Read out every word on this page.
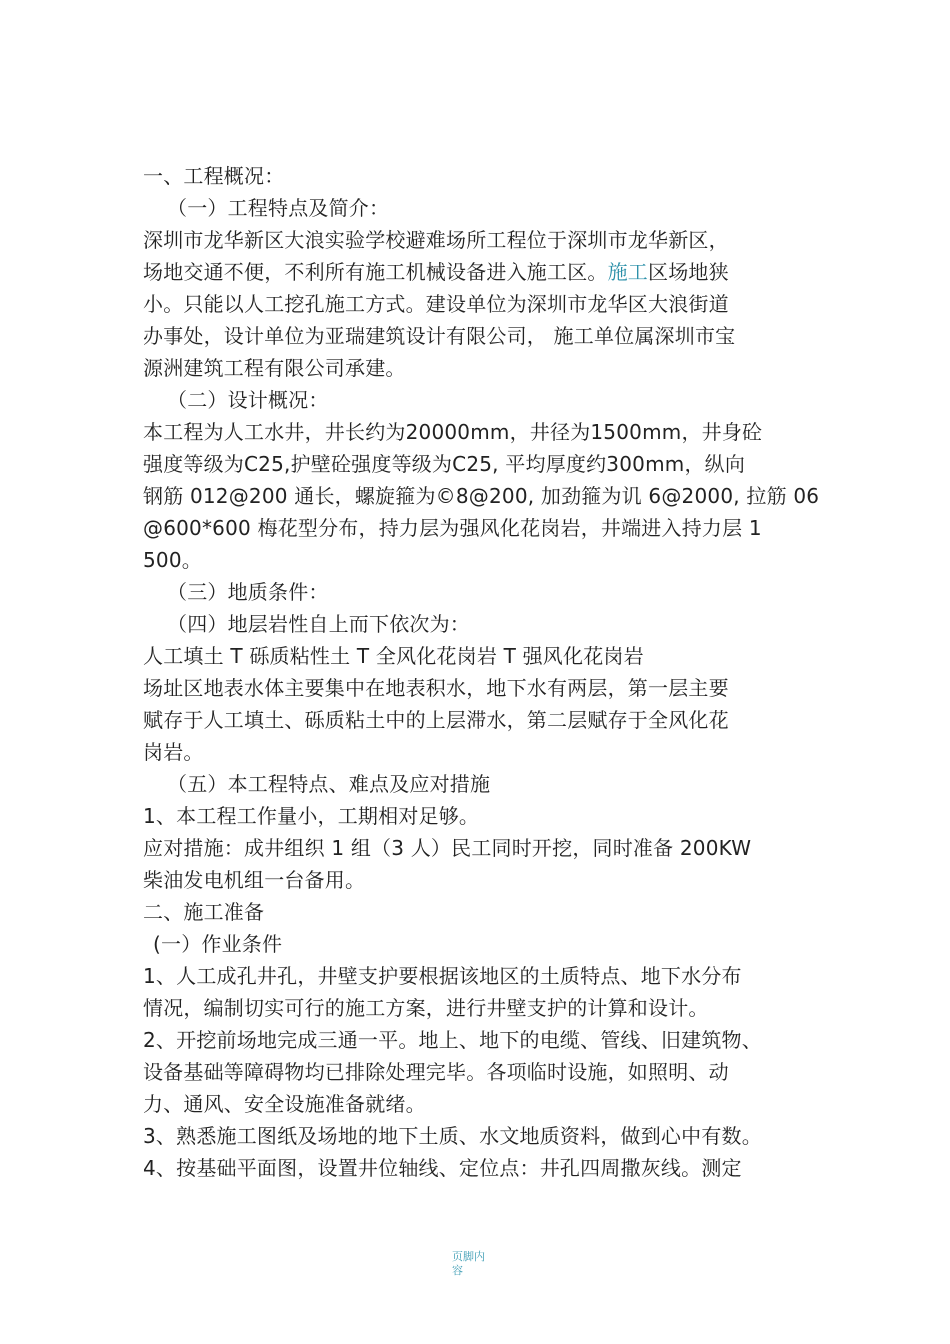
一、工程概况：
（一）工程特点及简介：
深圳市龙华新区大浪实验学校避难场所工程位于深圳市龙华新区，
场地交通不便，不利所有施工机械设备进入施工区。施工区场地狭
小。只能以人工挖孔施工方式。建设单位为深圳市龙华区大浪街道
办事处，设计单位为亚瑞建筑设计有限公司， 施工单位属深圳市宝
源洲建筑工程有限公司承建。
（二）设计概况：
本工程为人工水井，井长约为20000mm，井径为1500mm，井身砼
强度等级为C25,护壁砼强度等级为C25, 平均厚度约300mm，纵向
钢筋 012@200 通长，螺旋箍为©8@200, 加劲箍为讥 6@2000, 拉筋 06
@600*600 梅花型分布，持力层为强风化花岗岩，井端进入持力层 1
500。
（三）地质条件：
（四）地层岩性自上而下依次为：
人工填土 T 砾质粘性土 T 全风化花岗岩 T 强风化花岗岩
场址区地表水体主要集中在地表积水，地下水有两层，第一层主要
赋存于人工填土、砾质粘土中的上层滞水，第二层赋存于全风化花
岗岩。
（五）本工程特点、难点及应对措施
1、本工程工作量小，工期相对足够。
应对措施：成井组织 1 组（3 人）民工同时开挖，同时准备 200KW
柴油发电机组一台备用。
二、施工准备
(一）作业条件
1、人工成孔井孔，井壁支护要根据该地区的土质特点、地下水分布
情况，编制切实可行的施工方案，进行井壁支护的计算和设计。
2、开挖前场地完成三通一平。地上、地下的电缆、管线、旧建筑物、
设备基础等障碍物均已排除处理完毕。各项临时设施，如照明、动
力、通风、安全设施准备就绪。
3、熟悉施工图纸及场地的地下土质、水文地质资料，做到心中有数。
4、按基础平面图，设置井位轴线、定位点：井孔四周撒灰线。测定
页脚内
容
